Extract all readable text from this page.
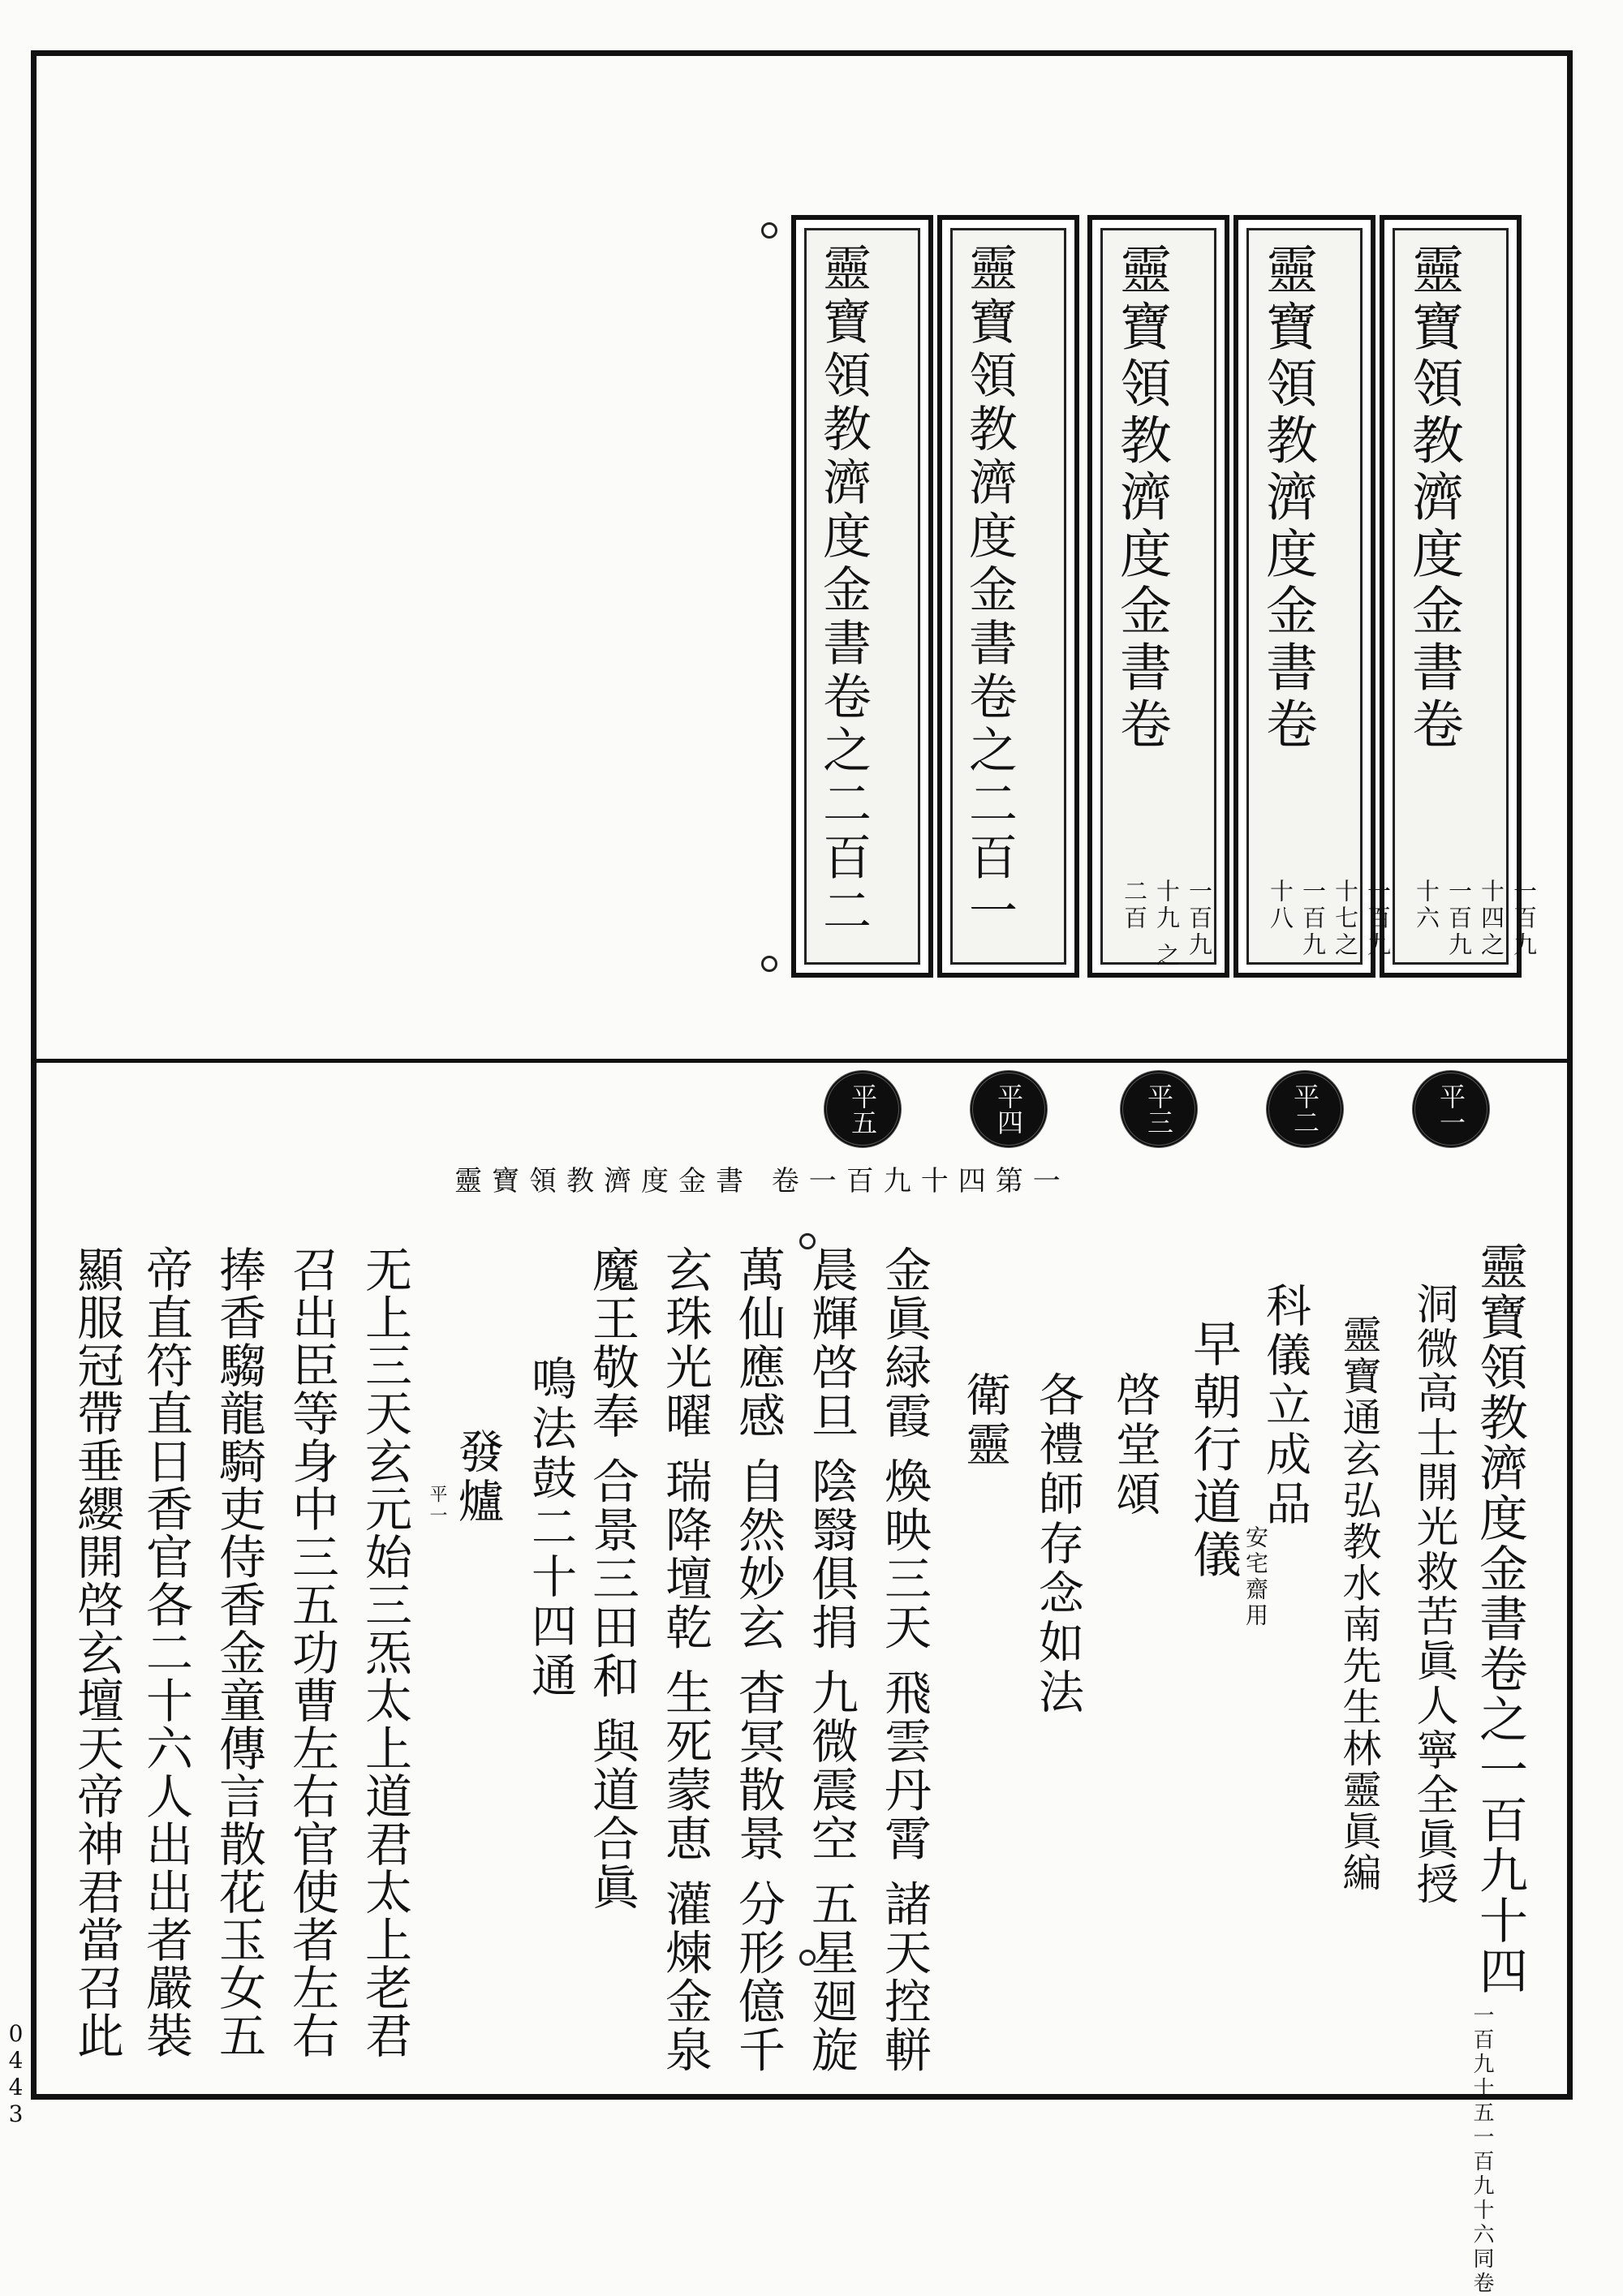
靈寶領教濟度金書卷
一百九十四之 一百九十六
平一
靈寶領教濟度金書卷
一百九十七之 一百九十八
平二
靈寶領教濟度金書卷
一百九十九 之二百
平三
靈寶領教濟度金書卷之二百一
平四
靈寶領教濟度金書卷之二百二
平五
靈寶領教濟度金書 卷一百九十四第一
靈寶領教濟度金書卷之一百九十四
一百九十五一百九十六同卷
洞微高士開光救苦眞人寧全眞授
靈寶通玄弘教水南先生林靈眞編
科儀立成品
安宅齋用
早朝行道儀
啓堂頌
各禮師存念如法
衛靈
金眞緑霞 煥映三天 飛雲丹霄 諸天控軿
晨輝啓旦 陰翳俱捐 九微震空 五星廻旋
萬仙應感 自然妙玄 杳冥散景 分形億千
玄珠光曜 瑞降壇乾 生死蒙恵 灌煉金泉
魔王敬奉 合景三田和 與道合眞
鳴法鼓二十四通
發爐
平一
无上三天玄元始三炁太上道君太上老君
召出臣等身中三五功曹左右官使者左右
捧香騶龍騎吏侍香金童傳言散花玉女五
帝直符直日香官各二十六人出出者嚴裝
顯服冠帶垂纓開啓玄壇天帝神君當召此
0443
